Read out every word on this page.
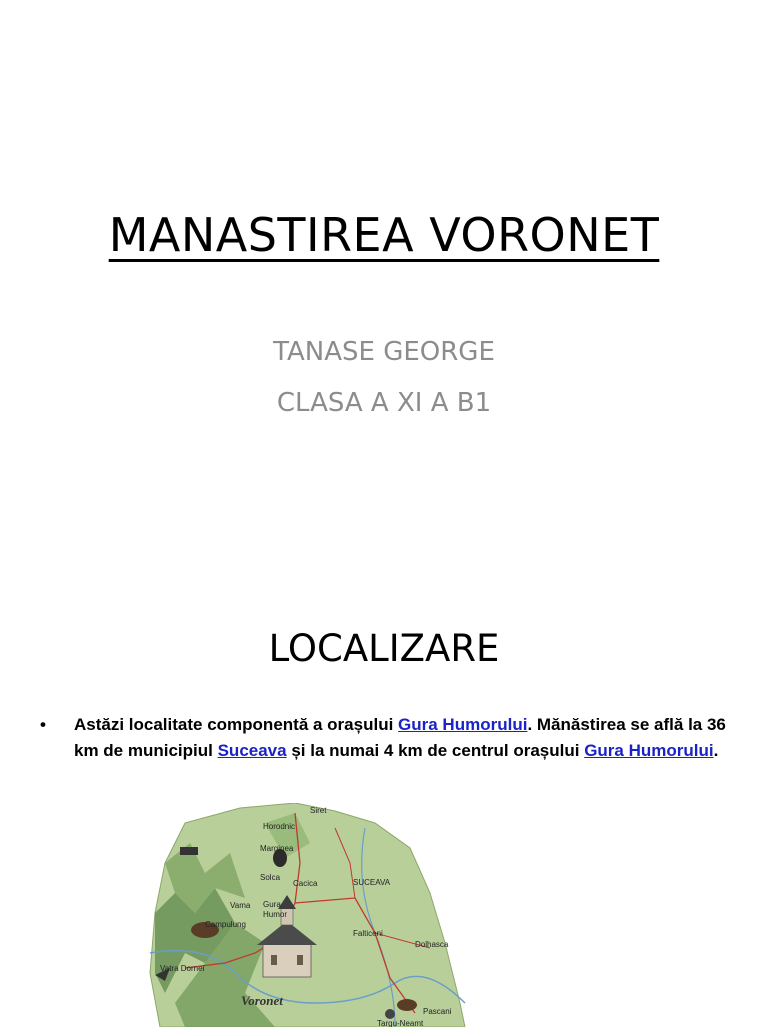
MANASTIREA VORONET
TANASE GEORGE
CLASA A XI A B1
LOCALIZARE
• Astăzi localitate componentă a orașului Gura Humorului. Mănăstirea se află la 36 km de municipiul Suceava și la numai 4 km de centrul orașului Gura Humorului.
Siret
Horodnic
Marginea
Solca
Cacica	SUCEAVA
Vama Gura
Humor
Campulung
Falticeni
Dolhasca
Vatra Dornei
Voronet
Pascani
Targu-Neamt
